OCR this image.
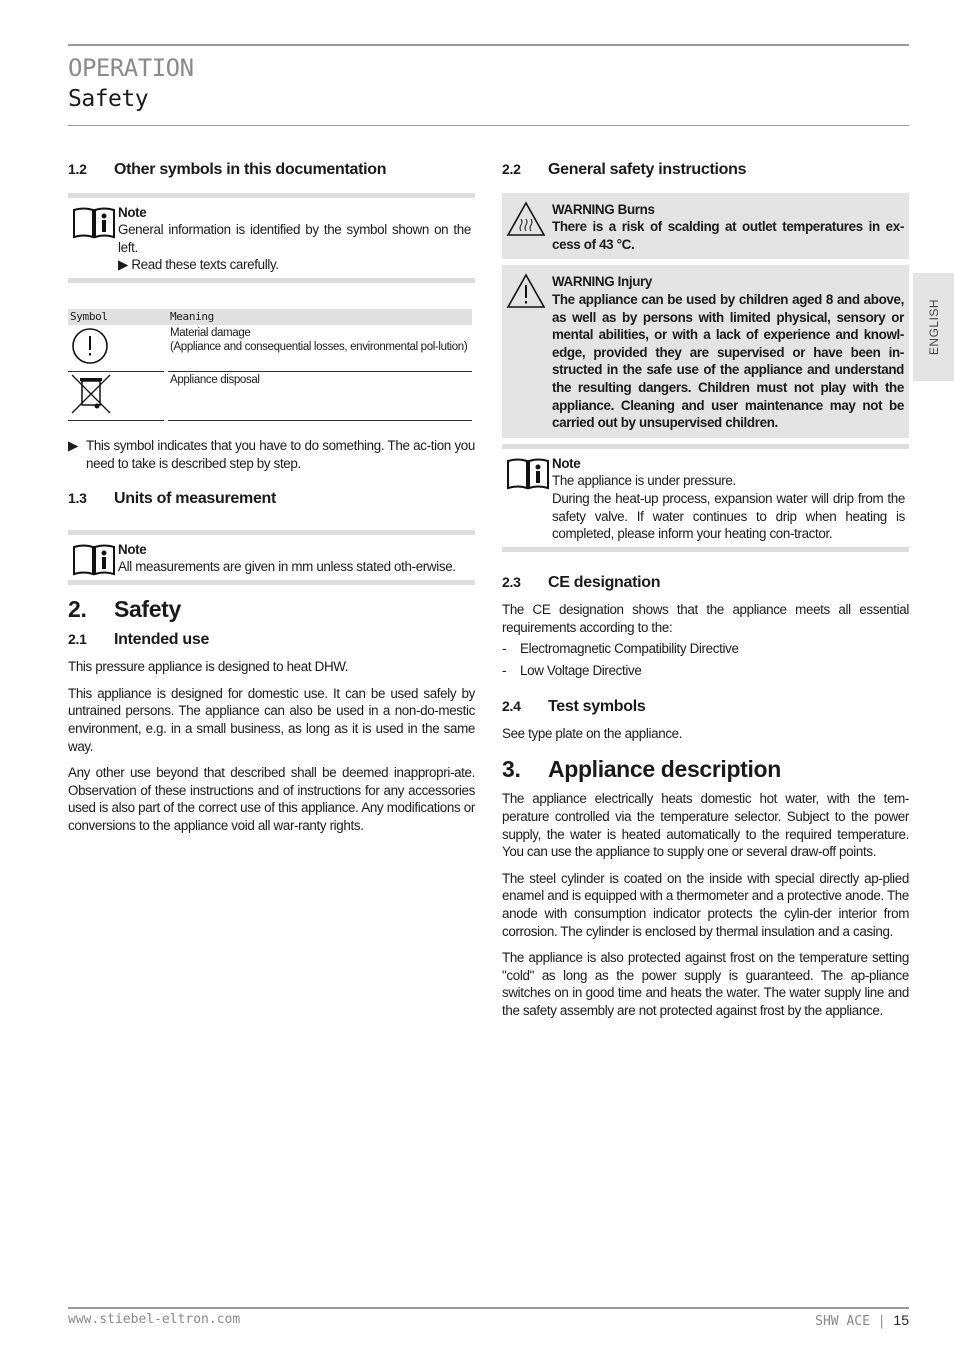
OPERATION
Safety
ENGLISH
1.2 Other symbols in this documentation
Note

General information is identified by the symbol shown on the left.

▶ Read these texts carefully.
Symbol		Meaning

Material damage
(Appliance and consequential losses, environmental pol-lution)

Appliance disposal

▶ This symbol indicates that you have to do something. The ac-tion you need to take is described step by step.

1.3 Units of measurement
Note

All measurements are given in mm unless stated oth-erwise.

2. Safety
2.1 Intended use

This pressure appliance is designed to heat DHW.

This appliance is designed for domestic use. It can be used safely by untrained persons. The appliance can also be used in a non-do-mestic environment, e.g. in a small business, as long as it is used in the same way.

Any other use beyond that described shall be deemed inappropri-ate. Observation of these instructions and of instructions for any accessories used is also part of the correct use of this appliance. Any modifications or conversions to the appliance void all war-ranty rights.

2.2 General safety instructions
WARNING Burns

There is a risk of scalding at outlet temperatures in ex-cess of 43 °C.

WARNING Injury

The appliance can be used by children aged 8 and above, as well as by persons with limited physical, sensory or mental abilities, or with a lack of experience and knowl-edge, provided they are supervised or have been in-structed in the safe use of the appliance and understand the resulting dangers. Children must not play with the appliance. Cleaning and user maintenance may not be carried out by unsupervised children.

Note
The appliance is under pressure.

During the heat-up process, expansion water will drip from the safety valve. If water continues to drip when heating is completed, please inform your heating con-tractor.

2.3 CE designation

The CE designation shows that the appliance meets all essential requirements according to the:

- Electromagnetic Compatibility Directive
- Low Voltage Directive
2.4 Test symbols

See type plate on the appliance.

3. Appliance description

The appliance electrically heats domestic hot water, with the tem-perature controlled via the temperature selector. Subject to the power supply, the water is heated automatically to the required temperature. You can use the appliance to supply one or several draw-off points.

The steel cylinder is coated on the inside with special directly ap-plied enamel and is equipped with a thermometer and a protective anode. The anode with consumption indicator protects the cylin-der interior from corrosion. The cylinder is enclosed by thermal insulation and a casing.

The appliance is also protected against frost on the temperature setting "cold" as long as the power supply is guaranteed. The ap-pliance switches on in good time and heats the water. The water supply line and the safety assembly are not protected against frost by the appliance.

www.stiebel-eltron.com	SHW ACE | 15
